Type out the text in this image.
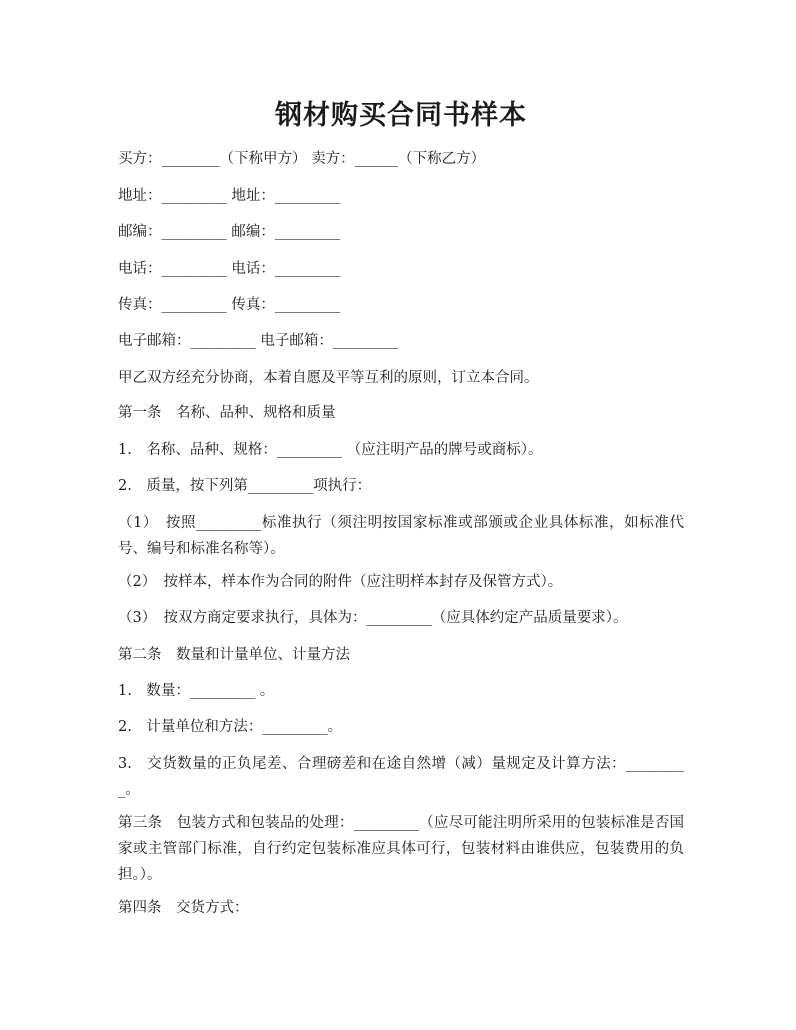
钢材购买合同书样本
买方：________（下称甲方） 卖方：______（下称乙方）
地址：_________ 地址：_________
邮编：_________ 邮编：_________
电话：_________ 电话：_________
传真：_________ 传真：_________
电子邮箱：_________ 电子邮箱：_________
甲乙双方经充分协商，本着自愿及平等互利的原则，订立本合同。
第一条　名称、品种、规格和质量
1.　名称、品种、规格：_________ （应注明产品的牌号或商标）。
2.　质量，按下列第_________项执行：
（1）　按照_________标准执行（须注明按国家标准或部颁或企业具体标准，如标准代号、编号和标准名称等）。
（2）　按样本，样本作为合同的附件（应注明样本封存及保管方式）。
（3）　按双方商定要求执行，具体为：_________（应具体约定产品质量要求）。
第二条　数量和计量单位、计量方法
1.　数量：_________ 。
2.　计量单位和方法：_________。
3.　交货数量的正负尾差、合理磅差和在途自然增（减）量规定及计算方法：_________。
第三条　包装方式和包装品的处理：_________（应尽可能注明所采用的包装标准是否国家或主管部门标准，自行约定包装标准应具体可行，包装材料由谁供应，包装费用的负担。）。
第四条　交货方式：
